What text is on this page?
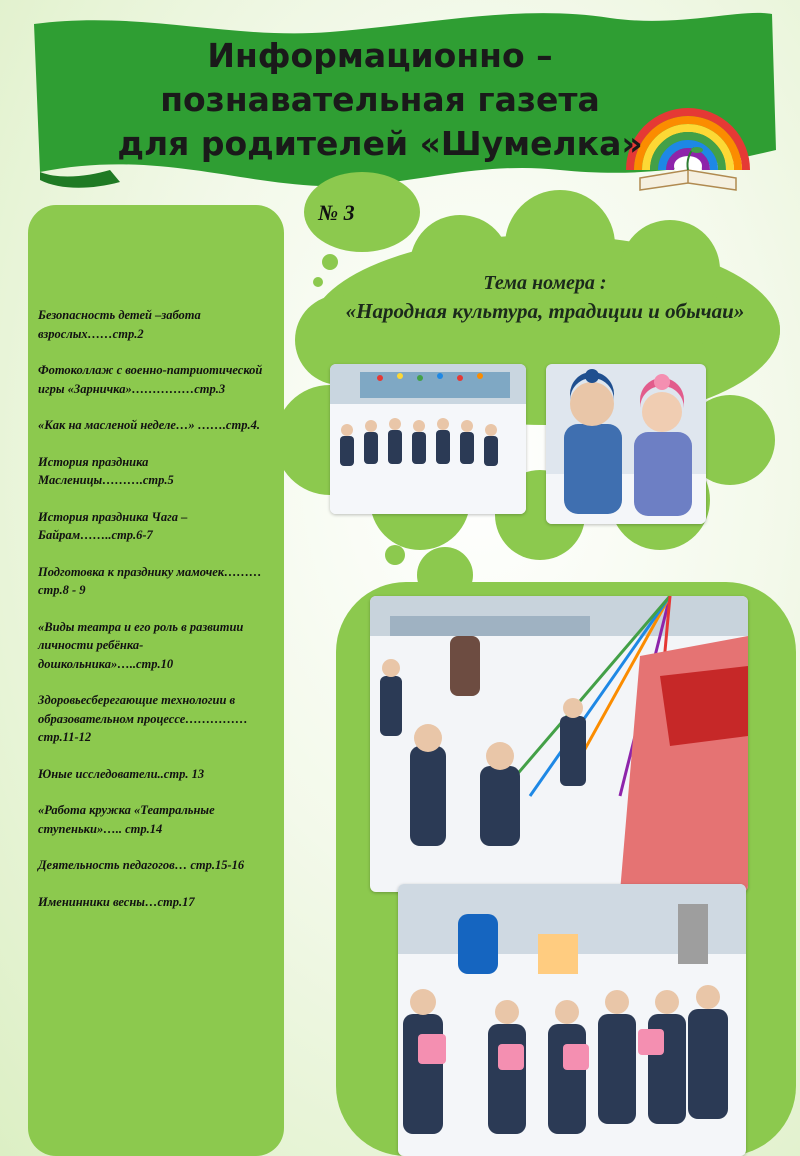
Информационно –
познавательная газета
для родителей «Шумелка»
№ 3
Безопасность детей –забота взрослых……стр.2
Фотоколлаж с военно-патриотической игры «Зарничка»……………стр.3
«Как на масленой неделе…» …….стр.4.
История праздника Масленицы……….стр.5
История праздника Чага – Байрам……..стр.6-7
Подготовка к празднику мамочек………стр.8 - 9
«Виды театра и его роль в развитии личности ребёнка-дошкольника»…..стр.10
Здоровьесберегающие технологии в образовательном процессе……………стр.11-12
Юные исследователи..стр. 13
«Работа кружка «Театральные ступеньки»….. стр.14
Деятельность педагогов… стр.15-16
Именинники весны…стр.17
Тема номера :
«Народная культура, традиции и обычаи»
